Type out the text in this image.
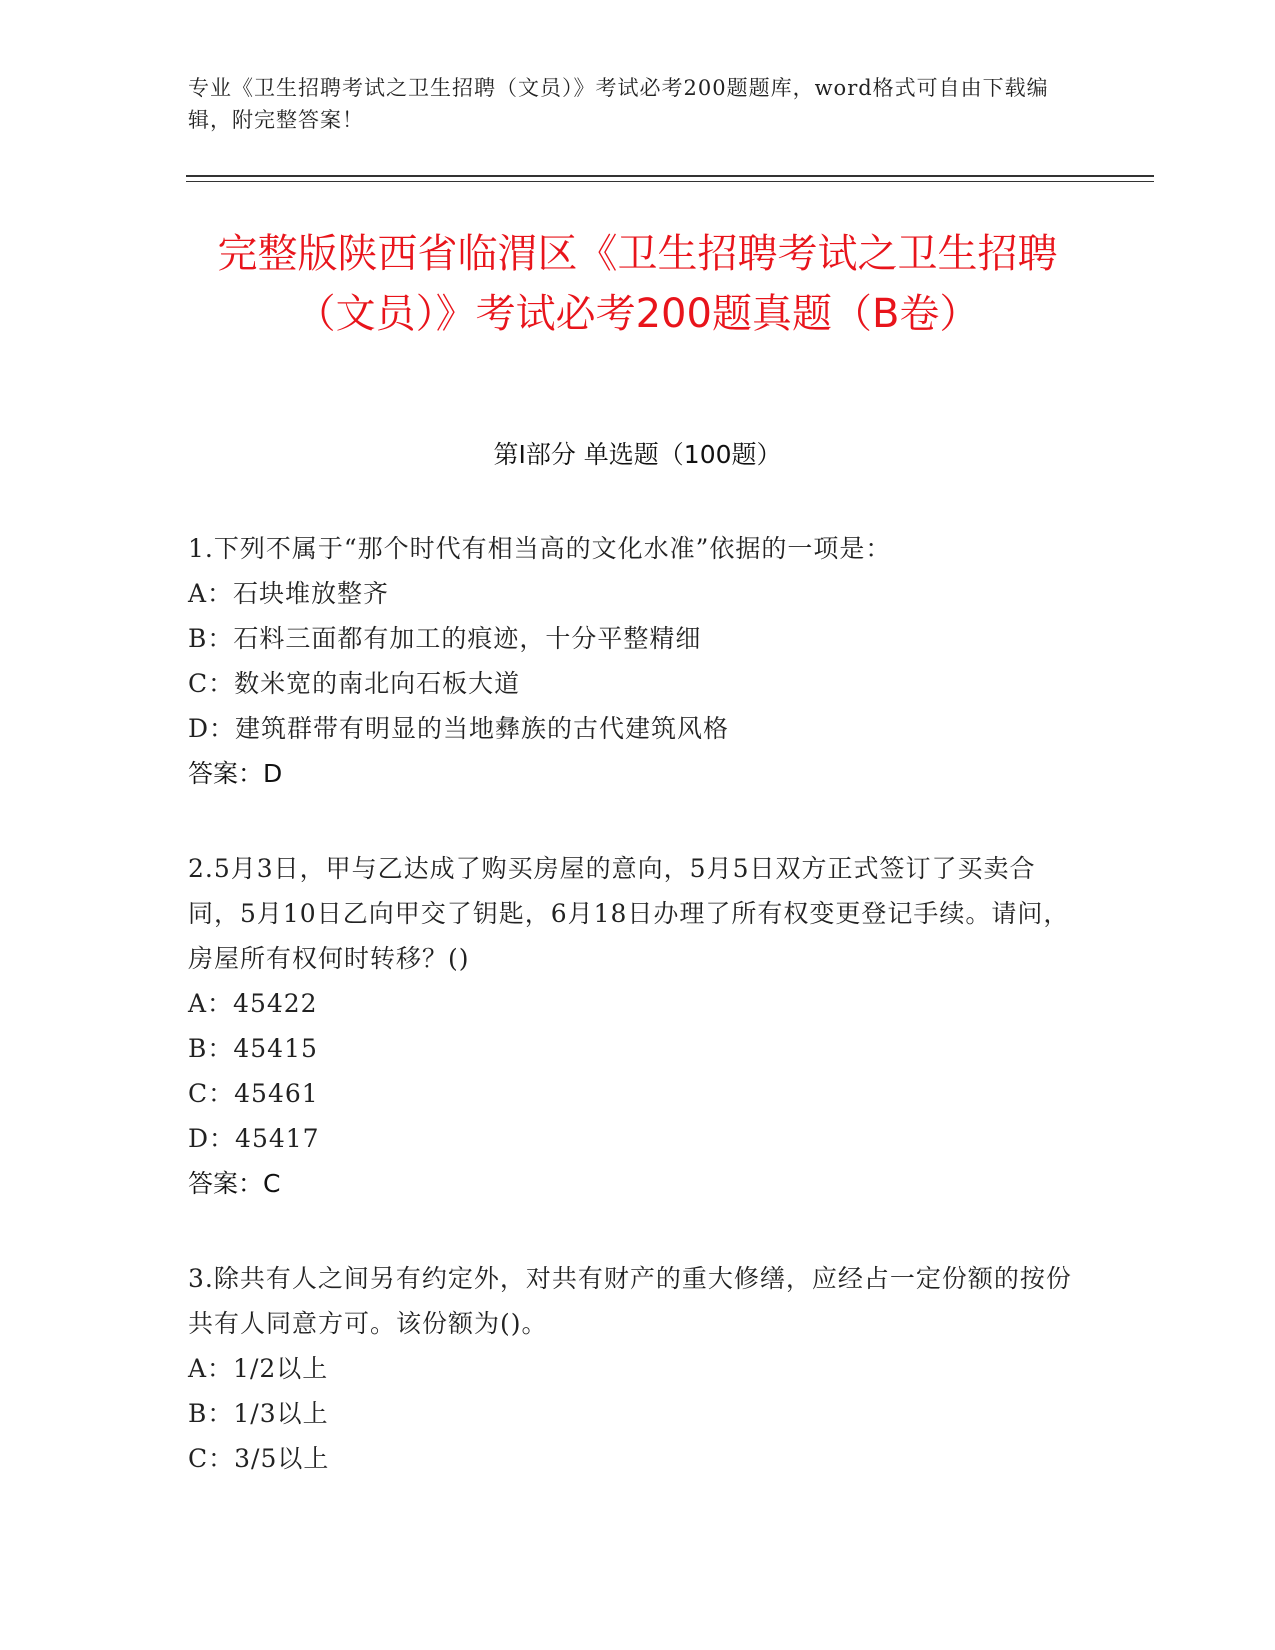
专业《卫生招聘考试之卫生招聘（文员）》考试必考200题题库，word格式可自由下载编辑，附完整答案！
完整版陕西省临渭区《卫生招聘考试之卫生招聘（文员）》考试必考200题真题（B卷）
第I部分 单选题（100题）
1.下列不属于“那个时代有相当高的文化水准”依据的一项是：
A：石块堆放整齐
B：石料三面都有加工的痕迹，十分平整精细
C：数米宽的南北向石板大道
D：建筑群带有明显的当地彝族的古代建筑风格
答案：D
2.5月3日，甲与乙达成了购买房屋的意向，5月5日双方正式签订了买卖合同，5月10日乙向甲交了钥匙，6月18日办理了所有权变更登记手续。请问，房屋所有权何时转移？()
A：45422
B：45415
C：45461
D：45417
答案：C
3.除共有人之间另有约定外，对共有财产的重大修缮，应经占一定份额的按份共有人同意方可。该份额为()。
A：1/2以上
B：1/3以上
C：3/5以上
